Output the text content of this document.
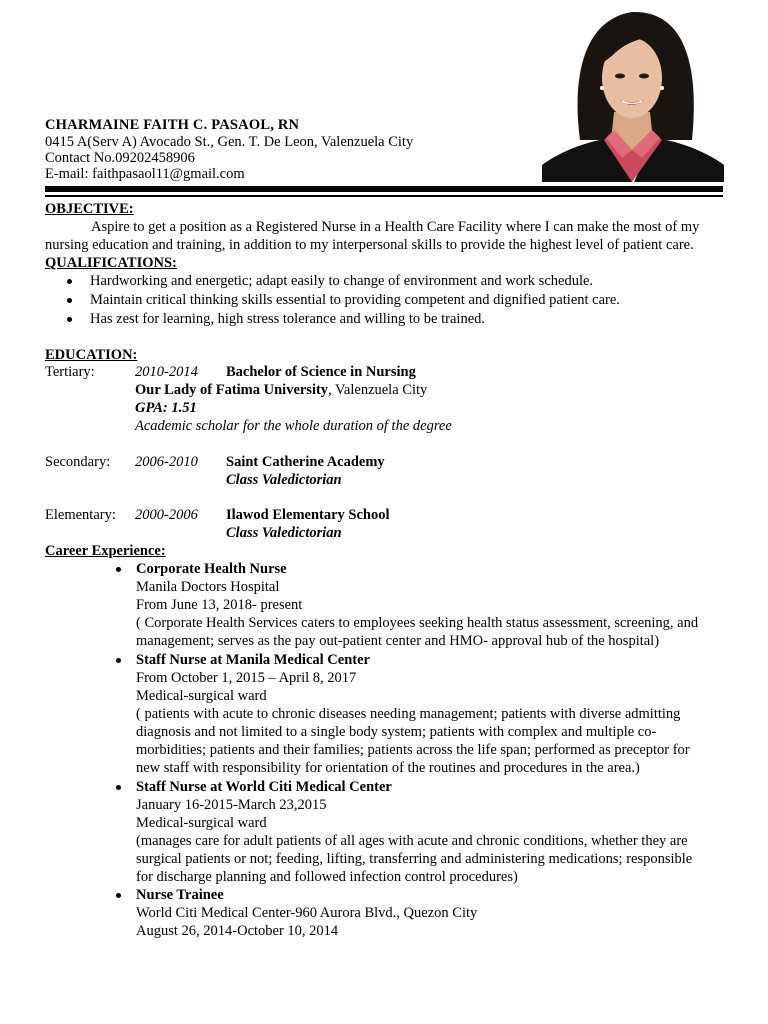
CHARMAINE FAITH C. PASAOL, RN
0415 A(Serv A) Avocado St., Gen. T. De Leon, Valenzuela City
Contact No.09202458906
E-mail: faithpasaol11@gmail.com
OBJECTIVE:
Aspire to get a position as a Registered Nurse in a Health Care Facility where I can make the most of my
nursing education and training, in addition to my interpersonal skills to provide the highest level of patient care.
QUALIFICATIONS:
Hardworking and energetic; adapt easily to change of environment and work schedule.
Maintain critical thinking skills essential to providing competent and dignified patient care.
Has zest for learning, high stress tolerance and willing to be trained.
EDUCATION:
Tertiary:	2010-2014 Bachelor of Science in Nursing
Our Lady of Fatima University, Valenzuela City
GPA: 1.51
Academic scholar for the whole duration of the degree
Secondary: 2006-2010 Saint Catherine Academy
Class Valedictorian
Elementary: 2000-2006 Ilawod Elementary School
Class Valedictorian
Career Experience:
Corporate Health Nurse
Manila Doctors Hospital
From June 13, 2018- present
( Corporate Health Services caters to employees seeking health status assessment, screening, and
management; serves as the pay out-patient center and HMO- approval hub of the hospital)
Staff Nurse at Manila Medical Center
From October 1, 2015 – April 8, 2017
Medical-surgical ward
( patients with acute to chronic diseases needing management; patients with diverse admitting
diagnosis and not limited to a single body system; patients with complex and multiple co-
morbidities; patients and their families; patients across the life span; performed as preceptor for
new staff with responsibility for orientation of the routines and procedures in the area.)
Staff Nurse at World Citi Medical Center
January 16-2015-March 23,2015
Medical-surgical ward
(manages care for adult patients of all ages with acute and chronic conditions, whether they are
surgical patients or not; feeding, lifting, transferring and administering medications; responsible
for discharge planning and followed infection control procedures)
Nurse Trainee
World Citi Medical Center-960 Aurora Blvd., Quezon City
August 26, 2014-October 10, 2014
